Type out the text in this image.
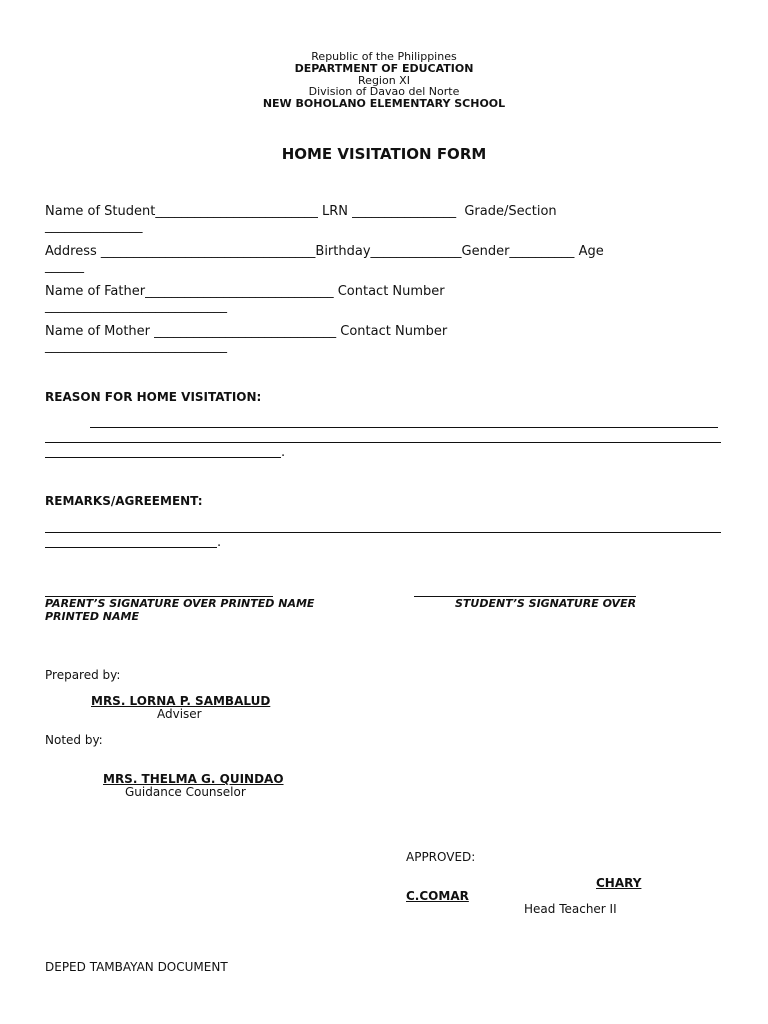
Republic of the Philippines
DEPARTMENT OF EDUCATION
Region XI
Division of Davao del Norte
NEW BOHOLANO ELEMENTARY SCHOOL
HOME VISITATION FORM
Name of Student_________________________ LRN ________________  Grade/Section
_______________
Address _________________________________Birthday______________Gender__________ Age
______
Name of Father_____________________________ Contact Number
____________________________
Name of Mother ____________________________ Contact Number
____________________________
REASON FOR HOME VISITATION:
.
REMARKS/AGREEMENT:
.
PARENT’S SIGNATURE OVER PRINTED NAME
PRINTED NAME
STUDENT’S SIGNATURE OVER
Prepared by:
MRS. LORNA P. SAMBALUD
Adviser
Noted by:
MRS. THELMA G. QUINDAO
Guidance Counselor
APPROVED:
CHARY
C.COMAR
Head Teacher II
DEPED TAMBAYAN DOCUMENT
